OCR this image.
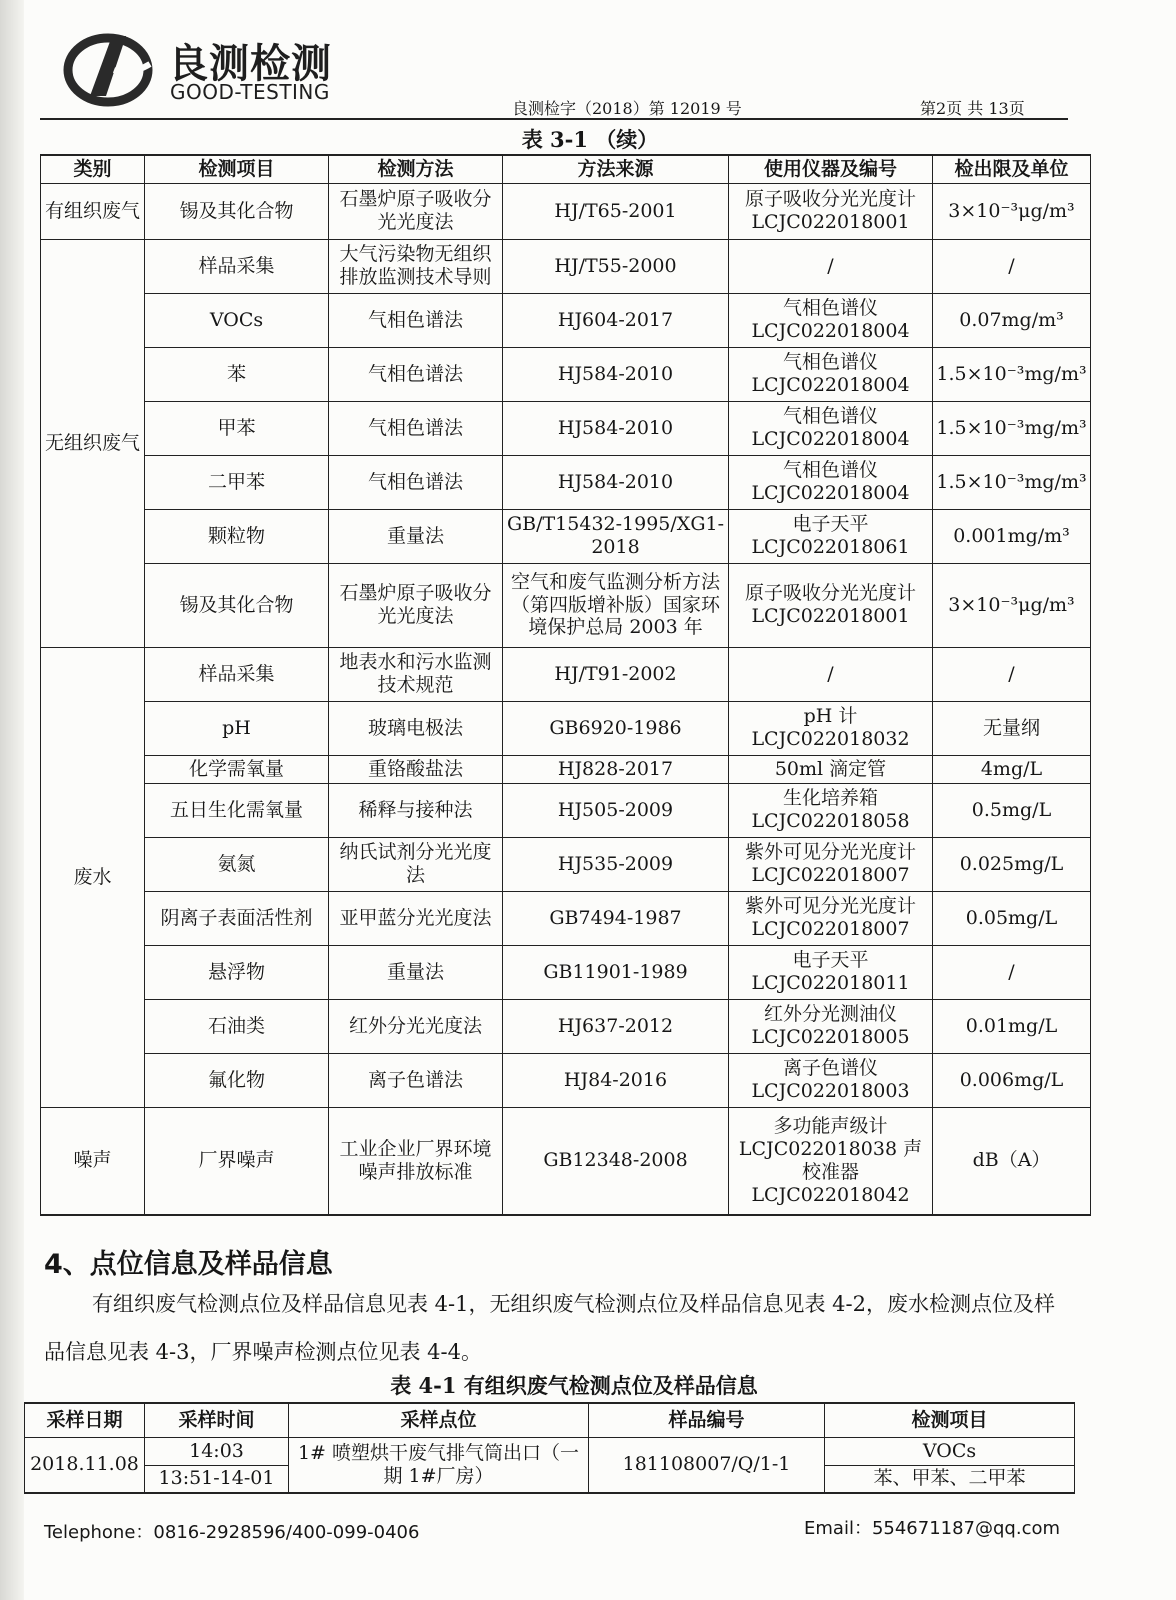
良测检测
GOOD-TESTING
良测检字（2018）第 12019 号	第2页 共 13页
表 3-1 （续）
类别	检测项目	检测方法	方法来源	使用仪器及编号	检出限及单位
有组织废气	锡及其化合物	石墨炉原子吸收分光光度法	HJ/T65-2001	原子吸收分光光度计 LCJC022018001	3×10⁻³μg/m³
无组织废气	样品采集	大气污染物无组织排放监测技术导则	HJ/T55-2000	/	/
	VOCs	气相色谱法	HJ604-2017	气相色谱仪 LCJC022018004	0.07mg/m³
	苯	气相色谱法	HJ584-2010	气相色谱仪 LCJC022018004	1.5×10⁻³mg/m³
	甲苯	气相色谱法	HJ584-2010	气相色谱仪 LCJC022018004	1.5×10⁻³mg/m³
	二甲苯	气相色谱法	HJ584-2010	气相色谱仪 LCJC022018004	1.5×10⁻³mg/m³
	颗粒物	重量法	GB/T15432-1995/XG1-2018	电子天平 LCJC022018061	0.001mg/m³
	锡及其化合物	石墨炉原子吸收分光光度法	空气和废气监测分析方法（第四版增补版）国家环境保护总局 2003 年	原子吸收分光光度计 LCJC022018001	3×10⁻³μg/m³
废水	样品采集	地表水和污水监测技术规范	HJ/T91-2002	/	/
	pH	玻璃电极法	GB6920-1986	pH 计 LCJC022018032	无量纲
	化学需氧量	重铬酸盐法	HJ828-2017	50ml 滴定管	4mg/L
	五日生化需氧量	稀释与接种法	HJ505-2009	生化培养箱 LCJC022018058	0.5mg/L
	氨氮	纳氏试剂分光光度法	HJ535-2009	紫外可见分光光度计 LCJC022018007	0.025mg/L
	阴离子表面活性剂	亚甲蓝分光光度法	GB7494-1987	紫外可见分光光度计 LCJC022018007	0.05mg/L
	悬浮物	重量法	GB11901-1989	电子天平 LCJC022018011	/
	石油类	红外分光光度法	HJ637-2012	红外分光测油仪 LCJC022018005	0.01mg/L
	氟化物	离子色谱法	HJ84-2016	离子色谱仪 LCJC022018003	0.006mg/L
噪声	厂界噪声	工业企业厂界环境噪声排放标准	GB12348-2008	多功能声级计 LCJC022018038 声校准器 LCJC022018042	dB（A）
4、点位信息及样品信息
有组织废气检测点位及样品信息见表 4-1，无组织废气检测点位及样品信息见表 4-2，废水检测点位及样品信息见表 4-3，厂界噪声检测点位见表 4-4。
表 4-1 有组织废气检测点位及样品信息
采样日期	采样时间	采样点位	样品编号	检测项目
2018.11.08	14:03	1# 喷塑烘干废气排气筒出口（一期 1#厂房）	181108007/Q/1-1	VOCs
	13:51-14-01			苯、甲苯、二甲苯
Telephone：0816-2928596/400-099-0406	Email：554671187@qq.com
